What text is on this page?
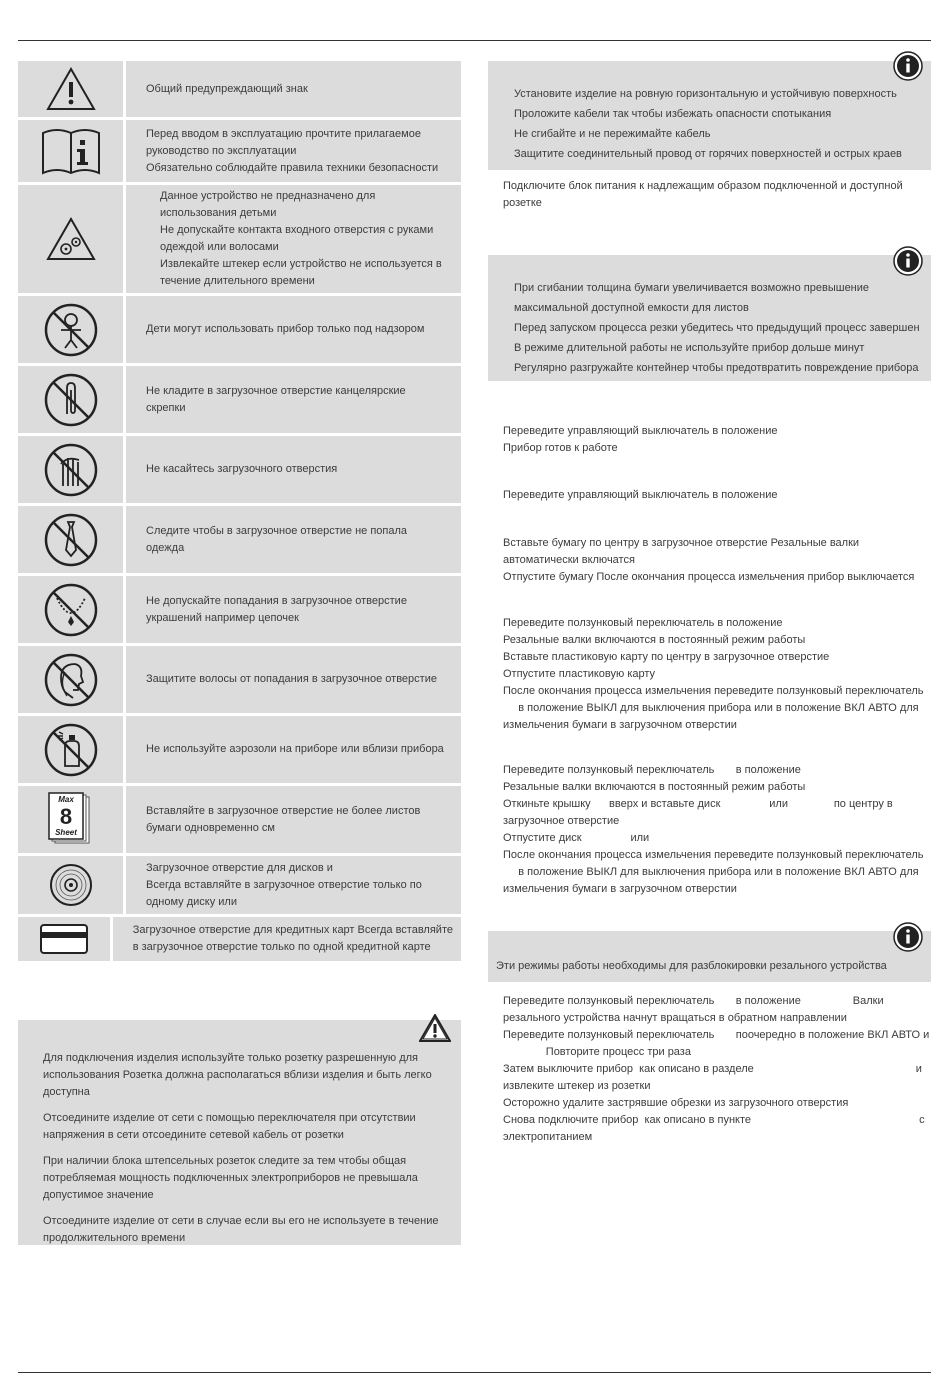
Общий предупреждающий знак
Перед вводом в эксплуатацию прочтите прилагаемое
руководство по эксплуатации
Обязательно соблюдайте правила техники безопасности
Данное устройство не предназначено для
использования детьми
Не допускайте контакта входного отверстия с руками
одеждой или волосами
Извлекайте штекер если устройство не используется в
течение длительного времени
Дети могут использовать прибор только под надзором
Не кладите в загрузочное отверстие канцелярские
скрепки
Не касайтесь загрузочного отверстия
Следите чтобы в загрузочное отверстие не попала
одежда
Не допускайте попадания в загрузочное отверстие
украшений например цепочек
Защитите волосы от попадания в загрузочное отверстие
Не используйте аэрозоли на приборе или вблизи прибора
Max
8
Sheet
Вставляйте в загрузочное отверстие не более листов
бумаги одновременно см
Загрузочное отверстие для дисков и
Всегда вставляйте в загрузочное отверстие только по
одному диску или
Загрузочное отверстие для кредитных карт Всегда вставляйте
в загрузочное отверстие только по одной кредитной карте

Для подключения изделия используйте только розетку разрешенную для использования Розетка должна располагаться вблизи изделия и быть легко доступна

Отсоедините изделие от сети с помощью переключателя при отсутствии напряжения в сети отсоедините сетевой кабель от розетки

При наличии блока штепсельных розеток следите за тем чтобы общая потребляемая мощность подключенных электроприборов не превышала допустимое значение

Отсоедините изделие от сети в случае если вы его не используете в течение продолжительного времени

Установите изделие на ровную горизонтальную и устойчивую поверхность
Проложите кабели так чтобы избежать опасности спотыкания
Не сгибайте и не пережимайте кабель
Защитите соединительный провод от горячих поверхностей и острых краев
Подключите блок питания к надлежащим образом подключенной и доступной
розетке
При сгибании толщина бумаги увеличивается возможно превышение
максимальной доступной емкости для листов
Перед запуском процесса резки убедитесь что предыдущий процесс завершен
В режиме длительной работы не используйте прибор дольше минут
Регулярно разгружайте контейнер чтобы предотвратить повреждение прибора
Переведите управляющий выключатель в положение
Прибор готов к работе
Переведите управляющий выключатель в положение
Вставьте бумагу по центру в загрузочное отверстие Резальные валки
автоматически включатся
Отпустите бумагу После окончания процесса измельчения прибор выключается
Переведите ползунковый переключатель в положение
Резальные валки включаются в постоянный режим работы
Вставьте пластиковую карту по центру в загрузочное отверстие
Отпустите пластиковую карту
После окончания процесса измельчения переведите ползунковый переключатель
в положение ВЫКЛ для выключения прибора или в положение ВКЛ АВТО для
измельчения бумаги в загрузочном отверстии
Переведите ползунковый переключатель       в положение
Резальные валки включаются в постоянный режим работы
Откиньте крышку      вверх и вставьте диск                или               по центру в
загрузочное отверстие
Отпустите диск                или
После окончания процесса измельчения переведите ползунковый переключатель
в положение ВЫКЛ для выключения прибора или в положение ВКЛ АВТО для
измельчения бумаги в загрузочном отверстии
Эти режимы работы необходимы для разблокировки резального устройства
Переведите ползунковый переключатель       в положение                 Валки
резального устройства начнут вращаться в обратном направлении
Переведите ползунковый переключатель       поочередно в положение ВКЛ АВТО и
Повторите процесс три раза
Затем выключите прибор  как описано в разделе                                                     и
извлеките штекер из розетки
Осторожно удалите застрявшие обрезки из загрузочного отверстия
Снова подключите прибор  как описано в пункте                                                       с
электропитанием
